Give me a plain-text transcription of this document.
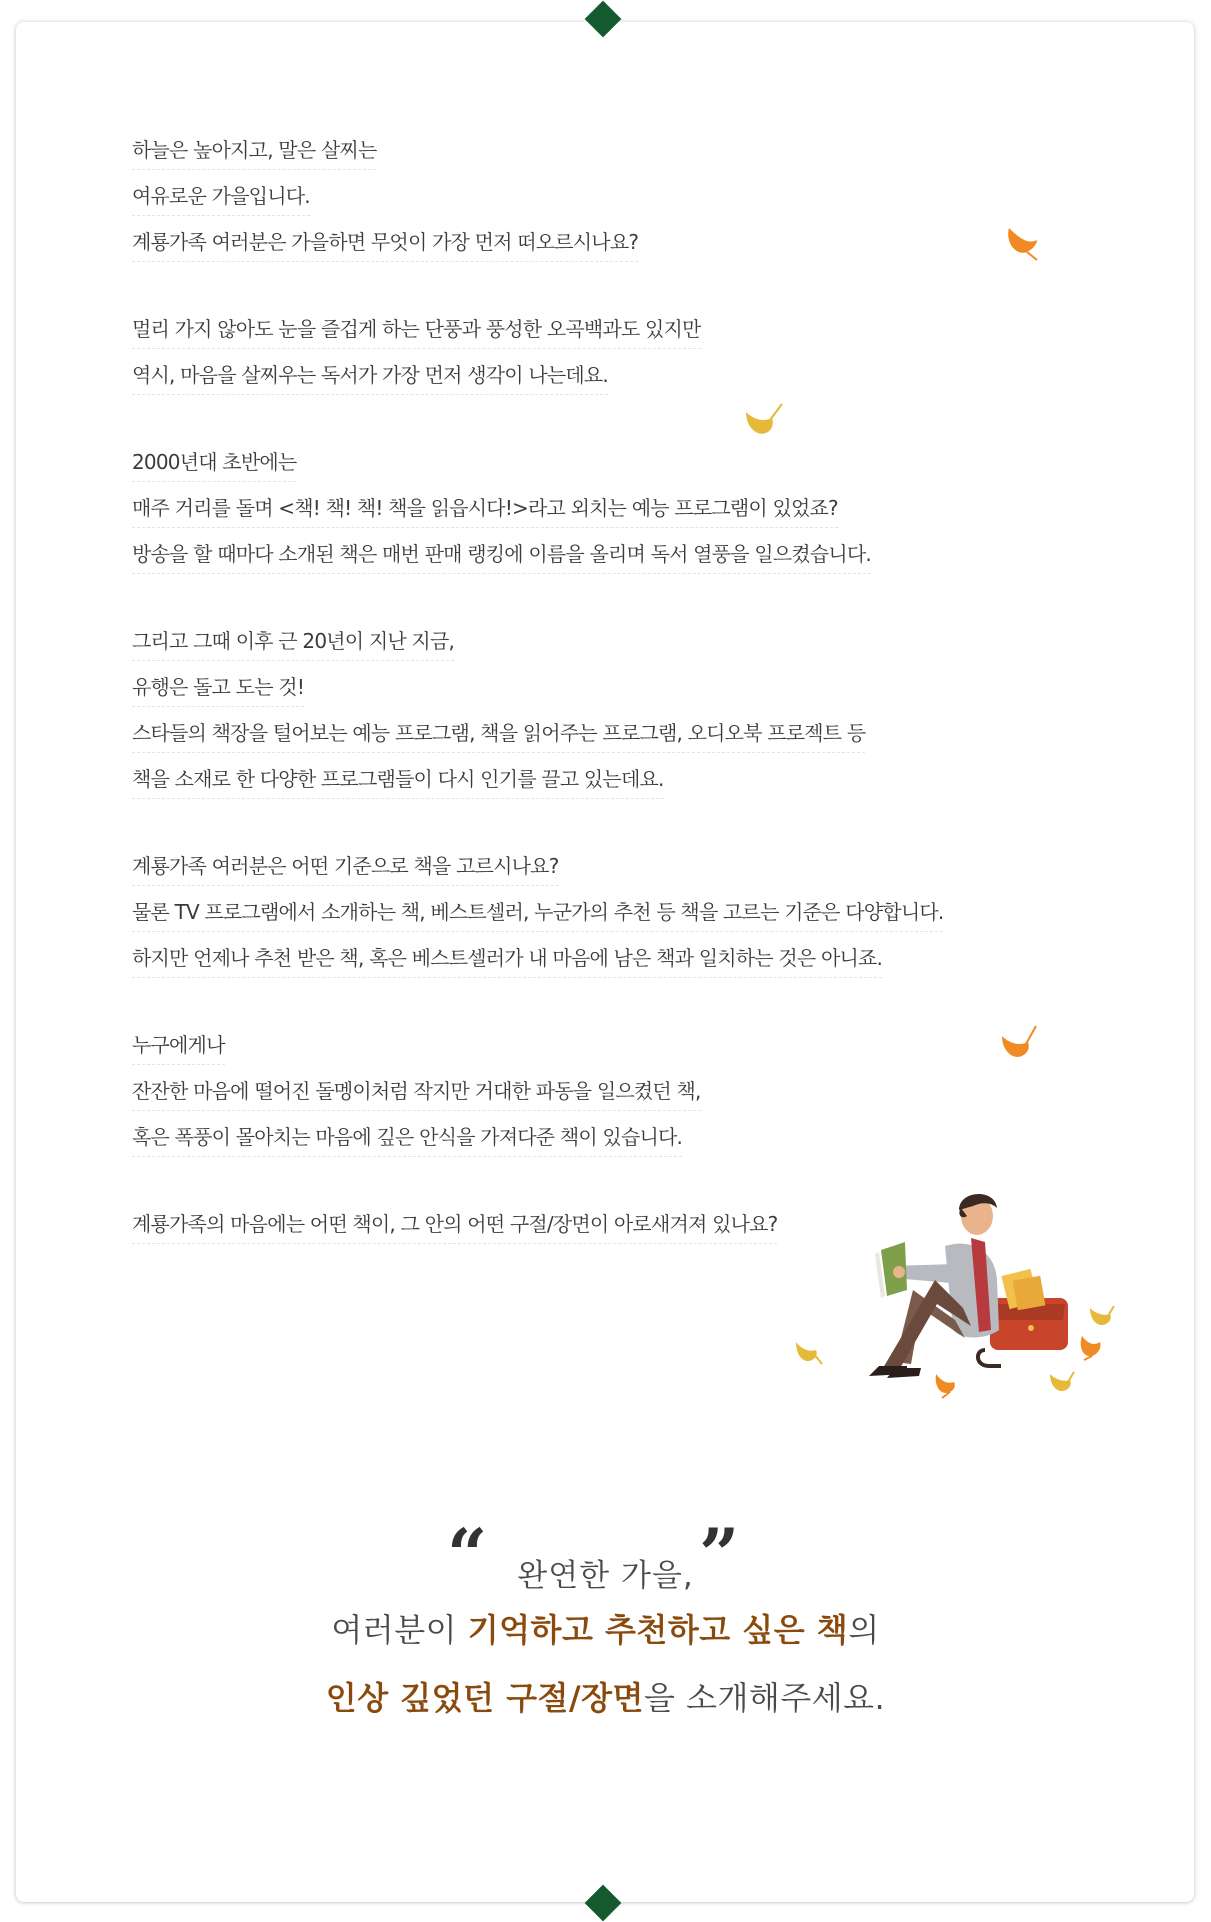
하늘은 높아지고, 말은 살찌는
여유로운 가을입니다.
계룡가족 여러분은 가을하면 무엇이 가장 먼저 떠오르시나요?
멀리 가지 않아도 눈을 즐겁게 하는 단풍과 풍성한 오곡백과도 있지만
역시, 마음을 살찌우는 독서가 가장 먼저 생각이 나는데요.
2000년대 초반에는
매주 거리를 돌며 <책! 책! 책! 책을 읽읍시다!>라고 외치는 예능 프로그램이 있었죠?
방송을 할 때마다 소개된 책은 매번 판매 랭킹에 이름을 올리며 독서 열풍을 일으켰습니다.
그리고 그때 이후 근 20년이 지난 지금,
유행은 돌고 도는 것!
스타들의 책장을 털어보는 예능 프로그램, 책을 읽어주는 프로그램, 오디오북 프로젝트 등
책을 소재로 한 다양한 프로그램들이 다시 인기를 끌고 있는데요.
계룡가족 여러분은 어떤 기준으로 책을 고르시나요?
물론 TV 프로그램에서 소개하는 책, 베스트셀러, 누군가의 추천 등 책을 고르는 기준은 다양합니다.
하지만 언제나 추천 받은 책, 혹은 베스트셀러가 내 마음에 남은 책과 일치하는 것은 아니죠.
누구에게나
잔잔한 마음에 떨어진 돌멩이처럼 작지만 거대한 파동을 일으켰던 책,
혹은 폭풍이 몰아치는 마음에 깊은 안식을 가져다준 책이 있습니다.
계룡가족의 마음에는 어떤 책이, 그 안의 어떤 구절/장면이 아로새겨져 있나요?
“ 완연한 가을, ”
여러분이 기억하고 추천하고 싶은 책의
인상 깊었던 구절/장면을 소개해주세요.
